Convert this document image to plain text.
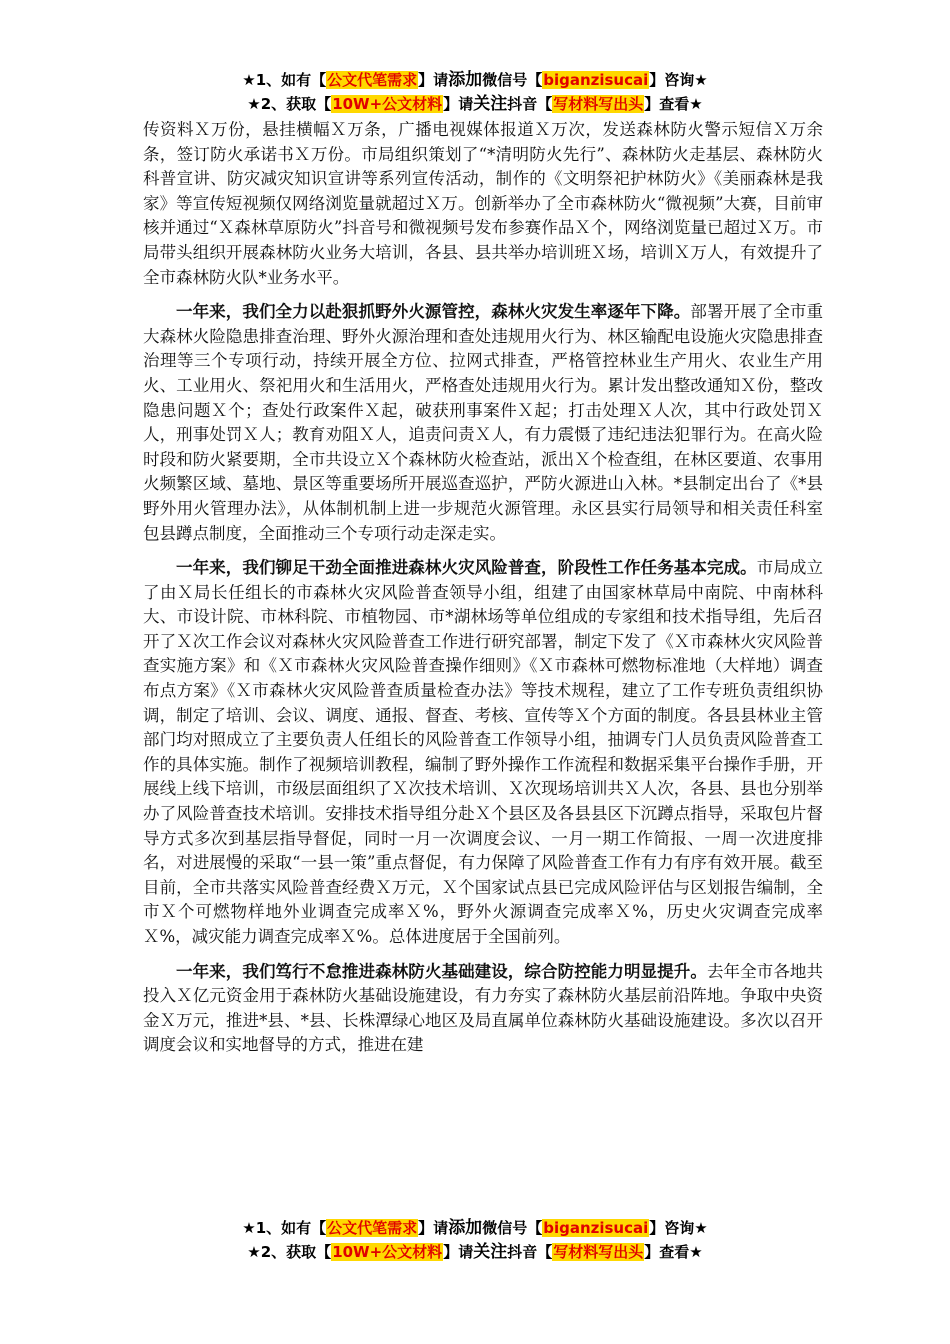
★1、如有【公文代笔需求】请添加微信号【biganzisucai】咨询★
★2、获取【10W+公文材料】请关注抖音【写材料写出头】查看★

传资料Ｘ万份，悬挂横幅Ｘ万条，广播电视媒体报道Ｘ万次，发送森林防火警示短信Ｘ万余条，签订防火承诺书Ｘ万份。市局组织策划了“*清明防火先行”、森林防火走基层、森林防火科普宣讲、防灾减灾知识宣讲等系列宣传活动，制作的《文明祭祀护林防火》《美丽森林是我家》等宣传短视频仅网络浏览量就超过Ｘ万。创新举办了全市森林防火“微视频”大赛，目前审核并通过“Ｘ森林草原防火”抖音号和微视频号发布参赛作品Ｘ个，网络浏览量已超过Ｘ万。市局带头组织开展森林防火业务大培训，各县、县共举办培训班Ｘ场，培训Ｘ万人，有效提升了全市森林防火队*业务水平。

一年来，我们全力以赴狠抓野外火源管控，森林火灾发生率逐年下降。部署开展了全市重大森林火险隐患排查治理、野外火源治理和查处违规用火行为、林区输配电设施火灾隐患排查治理等三个专项行动，持续开展全方位、拉网式排查，严格管控林业生产用火、农业生产用火、工业用火、祭祀用火和生活用火，严格查处违规用火行为。累计发出整改通知Ｘ份，整改隐患问题Ｘ个；查处行政案件Ｘ起，破获刑事案件Ｘ起；打击处理Ｘ人次，其中行政处罚Ｘ人，刑事处罚Ｘ人；教育劝阻Ｘ人，追责问责Ｘ人，有力震慑了违纪违法犯罪行为。在高火险时段和防火紧要期，全市共设立Ｘ个森林防火检查站，派出Ｘ个检查组，在林区要道、农事用火频繁区域、墓地、景区等重要场所开展巡查巡护，严防火源进山入林。*县制定出台了《*县野外用火管理办法》，从体制机制上进一步规范火源管理。永区县实行局领导和相关责任科室包县蹲点制度，全面推动三个专项行动走深走实。

一年来，我们铆足干劲全面推进森林火灾风险普查，阶段性工作任务基本完成。市局成立了由Ｘ局长任组长的市森林火灾风险普查领导小组，组建了由国家林草局中南院、中南林科大、市设计院、市林科院、市植物园、市*湖林场等单位组成的专家组和技术指导组，先后召开了Ｘ次工作会议对森林火灾风险普查工作进行研究部署，制定下发了《Ｘ市森林火灾风险普查实施方案》和《Ｘ市森林火灾风险普查操作细则》《Ｘ市森林可燃物标准地（大样地）调查布点方案》《Ｘ市森林火灾风险普查质量检查办法》等技术规程，建立了工作专班负责组织协调，制定了培训、会议、调度、通报、督查、考核、宣传等Ｘ个方面的制度。各县县林业主管部门均对照成立了主要负责人任组长的风险普查工作领导小组，抽调专门人员负责风险普查工作的具体实施。制作了视频培训教程，编制了野外操作工作流程和数据采集平台操作手册，开展线上线下培训，市级层面组织了Ｘ次技术培训、Ｘ次现场培训共Ｘ人次，各县、县也分别举办了风险普查技术培训。安排技术指导组分赴Ｘ个县区及各县县区下沉蹲点指导，采取包片督导方式多次到基层指导督促，同时一月一次调度会议、一月一期工作简报、一周一次进度排名，对进展慢的采取“一县一策”重点督促，有力保障了风险普查工作有力有序有效开展。截至目前，全市共落实风险普查经费Ｘ万元，Ｘ个国家试点县已完成风险评估与区划报告编制，全市Ｘ个可燃物样地外业调查完成率Ｘ%，野外火源调查完成率Ｘ%，历史火灾调查完成率Ｘ%，减灾能力调查完成率Ｘ%。总体进度居于全国前列。

一年来，我们笃行不怠推进森林防火基础建设，综合防控能力明显提升。去年全市各地共投入Ｘ亿元资金用于森林防火基础设施建设，有力夯实了森林防火基层前沿阵地。争取中央资金Ｘ万元，推进*县、*县、长株潭绿心地区及局直属单位森林防火基础设施建设。多次以召开调度会议和实地督导的方式，推进在建

★1、如有【公文代笔需求】请添加微信号【biganzisucai】咨询★
★2、获取【10W+公文材料】请关注抖音【写材料写出头】查看★
